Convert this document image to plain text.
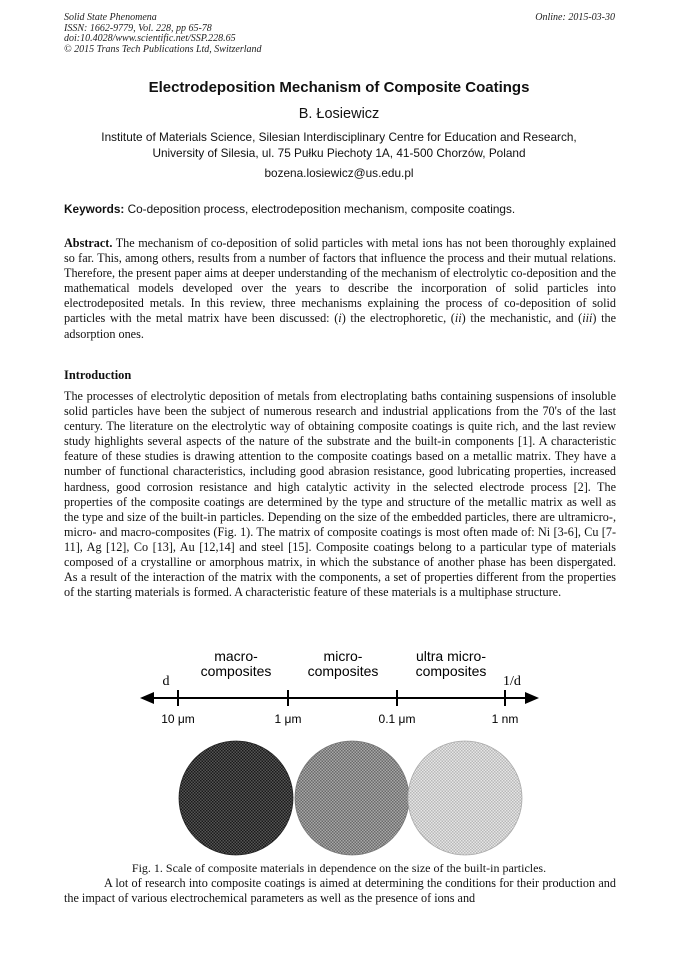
Solid State Phenomena
ISSN: 1662-9779, Vol. 228, pp 65-78
doi:10.4028/www.scientific.net/SSP.228.65
© 2015 Trans Tech Publications Ltd, Switzerland
Online: 2015-03-30
Electrodeposition Mechanism of Composite Coatings
B. Łosiewicz
Institute of Materials Science, Silesian Interdisciplinary Centre for Education and Research,
University of Silesia, ul. 75 Pułku Piechoty 1A, 41-500 Chorzów, Poland
bozena.losiewicz@us.edu.pl
Keywords: Co-deposition process, electrodeposition mechanism, composite coatings.
Abstract. The mechanism of co-deposition of solid particles with metal ions has not been thoroughly explained so far. This, among others, results from a number of factors that influence the process and their mutual relations. Therefore, the present paper aims at deeper understanding of the mechanism of electrolytic co-deposition and the mathematical models developed over the years to describe the incorporation of solid particles into electrodeposited metals. In this review, three mechanisms explaining the process of co-deposition of solid particles with the metal matrix have been discussed: (i) the electrophoretic, (ii) the mechanistic, and (iii) the adsorption ones.
Introduction
The processes of electrolytic deposition of metals from electroplating baths containing suspensions of insoluble solid particles have been the subject of numerous research and industrial applications from the 70's of the last century. The literature on the electrolytic way of obtaining composite coatings is quite rich, and the last review study highlights several aspects of the nature of the substrate and the built-in components [1]. A characteristic feature of these studies is drawing attention to the composite coatings based on a metallic matrix. They have a number of functional characteristics, including good abrasion resistance, good lubricating properties, increased hardness, good corrosion resistance and high catalytic activity in the selected electrode process [2]. The properties of the composite coatings are determined by the type and structure of the metallic matrix as well as the type and size of the built-in particles. Depending on the size of the embedded particles, there are ultramicro-, micro- and macro-composites (Fig. 1). The matrix of composite coatings is most often made of: Ni [3-6], Cu [7-11], Ag [12], Co [13], Au [12,14] and steel [15]. Composite coatings belong to a particular type of materials composed of a crystalline or amorphous matrix, in which the substance of another phase has been dispergated. As a result of the interaction of the matrix with the components, a set of properties different from the properties of the starting materials is formed. A characteristic feature of these materials is a multiphase structure.
macro-
composites
micro-
composites
ultra micro-
composites
d	1/d
10 μm	1 μm	0.1 μm	1 nm
Fig. 1. Scale of composite materials in dependence on the size of the built-in particles.
A lot of research into composite coatings is aimed at determining the conditions for their production and the impact of various electrochemical parameters as well as the presence of ions and
